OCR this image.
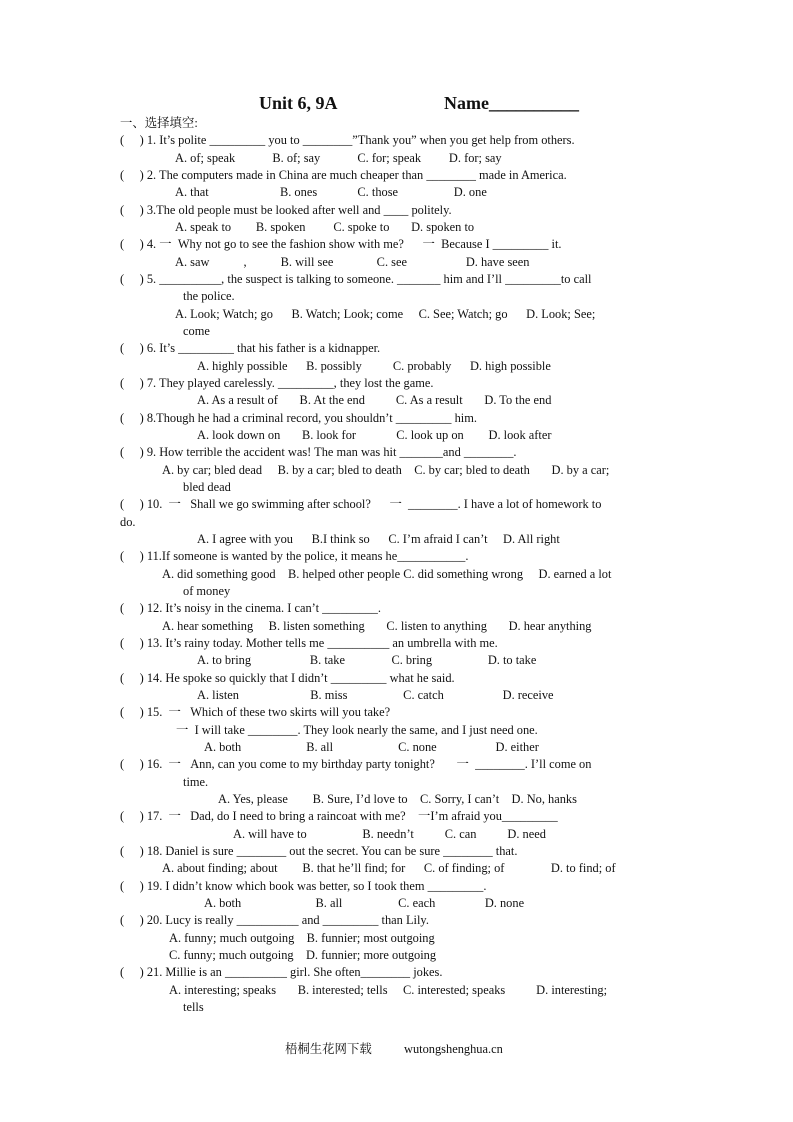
Unit 6, 9A	Name__________
一、选择填空:
(     ) 1. It’s polite _________ you to ________”Thank you” when you get help from others.
A. of; speak            B. of; say            C. for; speak         D. for; say
(     ) 2. The computers made in China are much cheaper than ________ made in America.
A. that                       B. ones             C. those                  D. one
(     ) 3.The old people must be looked after well and ____ politely.
A. speak to        B. spoken         C. spoke to       D. spoken to
(     ) 4. 一  Why not go to see the fashion show with me?      一  Because I _________ it.
A. saw           ,           B. will see              C. see                   D. have seen
(     ) 5. __________, the suspect is talking to someone. _______ him and I’ll _________to call
the police.
A. Look; Watch; go      B. Watch; Look; come     C. See; Watch; go      D. Look; See;
come
(     ) 6. It’s _________ that his father is a kidnapper.
A. highly possible      B. possibly          C. probably      D. high possible
(     ) 7. They played carelessly. _________, they lost the game.
A. As a result of       B. At the end          C. As a result       D. To the end
(     ) 8.Though he had a criminal record, you shouldn’t _________ him.
A. look down on       B. look for             C. look up on        D. look after
(     ) 9. How terrible the accident was! The man was hit _______and ________.
A. by car; bled dead     B. by a car; bled to death    C. by car; bled to death       D. by a car;
bled dead
(     ) 10.  一   Shall we go swimming after school?      一  ________. I have a lot of homework to
do.
A. I agree with you      B.I think so      C. I’m afraid I can’t     D. All right
(     ) 11.If someone is wanted by the police, it means he___________.
A. did something good    B. helped other people C. did something wrong     D. earned a lot
of money
(     ) 12. It’s noisy in the cinema. I can’t _________.
A. hear something     B. listen something       C. listen to anything       D. hear anything
(     ) 13. It’s rainy today. Mother tells me __________ an umbrella with me.
A. to bring                   B. take               C. bring                  D. to take
(     ) 14. He spoke so quickly that I didn’t _________ what he said.
A. listen                       B. miss                  C. catch                   D. receive
(     ) 15.  一   Which of these two skirts will you take?
一  I will take ________. They look nearly the same, and I just need one.
A. both                     B. all                     C. none                   D. either
(     ) 16.  一   Ann, can you come to my birthday party tonight?       一  ________. I’ll come on
time.
A. Yes, please        B. Sure, I’d love to    C. Sorry, I can’t    D. No, hanks
(     ) 17.  一   Dad, do I need to bring a raincoat with me?    一I’m afraid you_________
A. will have to                  B. needn’t          C. can          D. need
(     ) 18. Daniel is sure ________ out the secret. You can be sure ________ that.
A. about finding; about        B. that he’ll find; for      C. of finding; of               D. to find; of
(     ) 19. I didn’t know which book was better, so I took them _________.
A. both                        B. all                  C. each                D. none
(     ) 20. Lucy is really __________ and _________ than Lily.
A. funny; much outgoing    B. funnier; most outgoing
C. funny; much outgoing    D. funnier; more outgoing
(     ) 21. Millie is an __________ girl. She often________ jokes.
A. interesting; speaks       B. interested; tells     C. interested; speaks          D. interesting;
tells
梧桐生花网下载	wutongshenghua.cn
